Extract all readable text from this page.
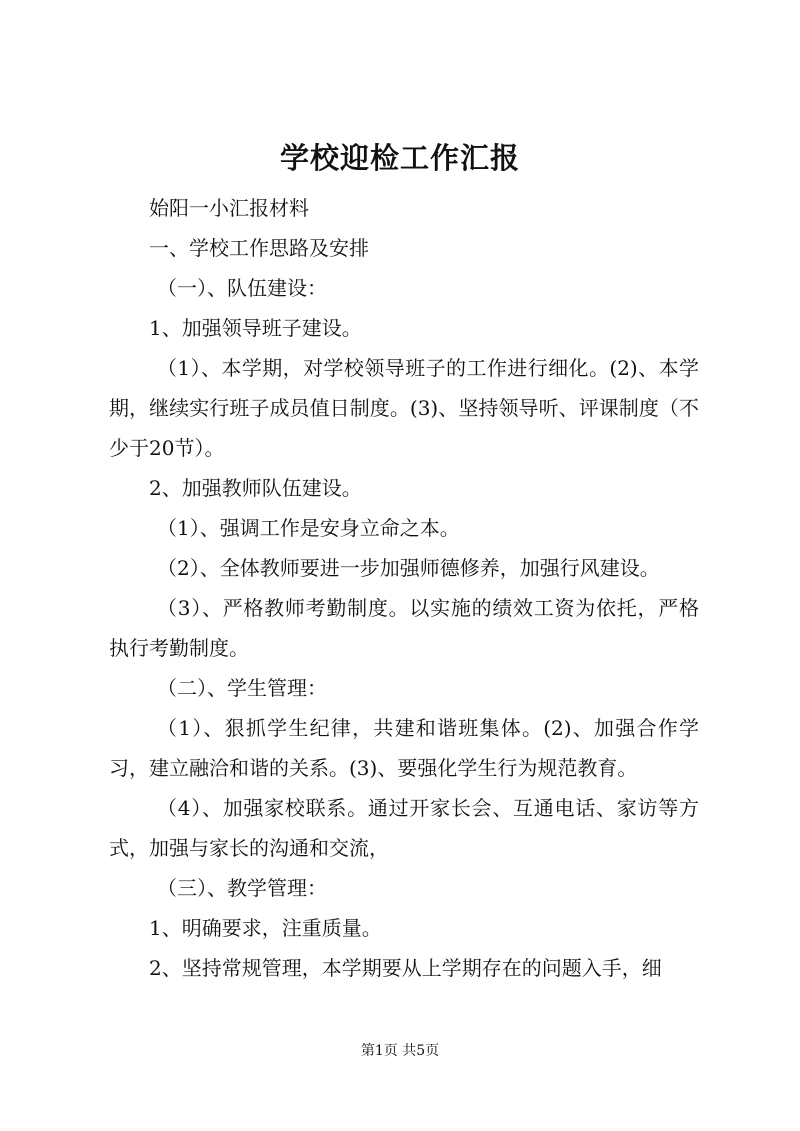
学校迎检工作汇报

始阳一小汇报材料

一、学校工作思路及安排

（一）、队伍建设：

1、加强领导班子建设。

（1）、本学期，对学校领导班子的工作进行细化。(2)、本学期，继续实行班子成员值日制度。(3)、坚持领导听、评课制度（不少于20节）。

2、加强教师队伍建设。

（1）、强调工作是安身立命之本。

（2）、全体教师要进一步加强师德修养，加强行风建设。

（3）、严格教师考勤制度。以实施的绩效工资为依托，严格执行考勤制度。

（二）、学生管理：

（1）、狠抓学生纪律，共建和谐班集体。(2)、加强合作学习，建立融洽和谐的关系。(3)、要强化学生行为规范教育。

（4）、加强家校联系。通过开家长会、互通电话、家访等方式，加强与家长的沟通和交流，

（三）、教学管理：

1、明确要求，注重质量。

2、坚持常规管理，本学期要从上学期存在的问题入手，细

第1页 共5页
